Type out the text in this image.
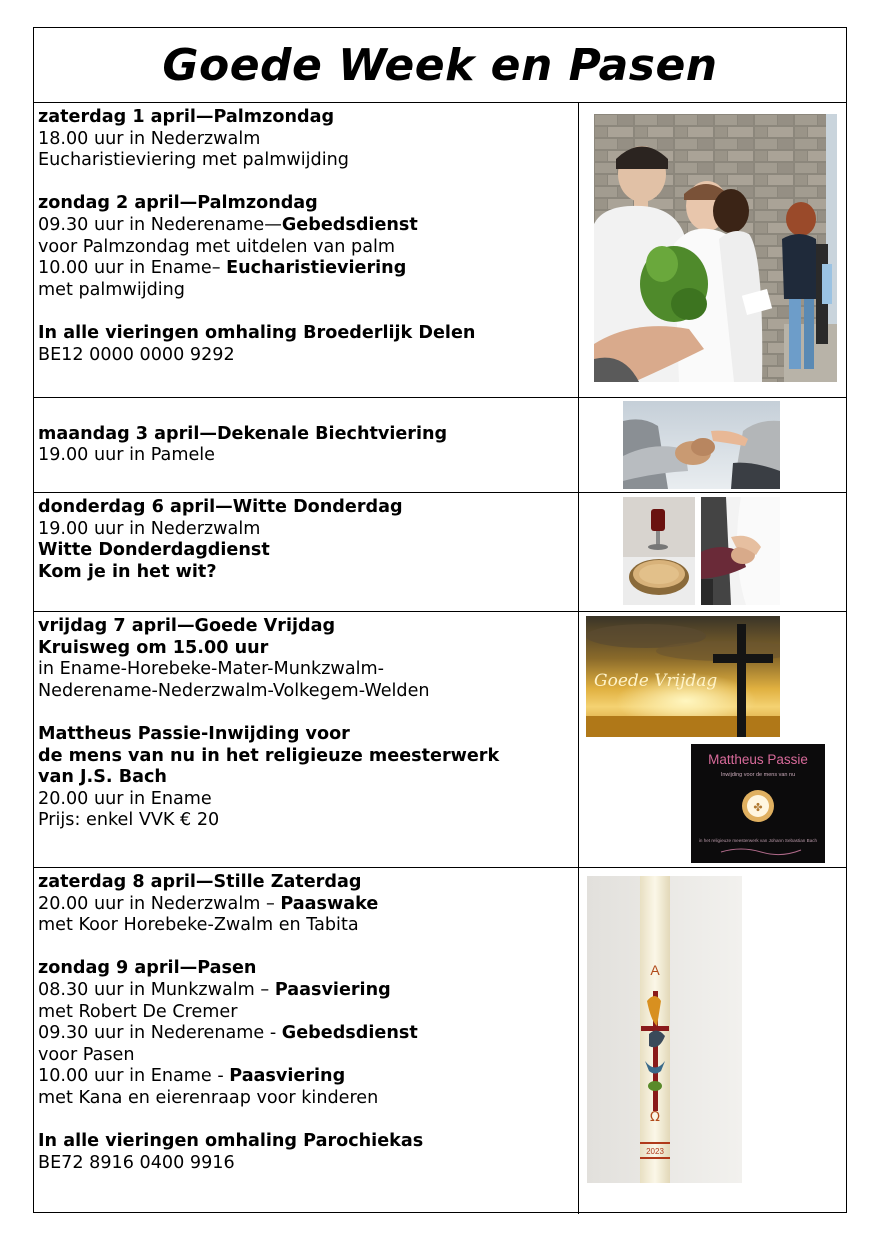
Goede Week en Pasen
zaterdag 1 april—Palmzondag
18.00 uur in Nederzwalm
Eucharistieviering met palmwijding
zondag 2 april—Palmzondag
09.30 uur in Nederename—Gebedsdienst
voor Palmzondag met uitdelen van palm
10.00 uur in Ename– Eucharistieviering
met palmwijding
In alle vieringen omhaling Broederlijk Delen
BE12 0000 0000 9292
maandag 3 april—Dekenale Biechtviering
19.00 uur in Pamele
donderdag 6 april—Witte Donderdag
19.00 uur in Nederzwalm
Witte Donderdagdienst
Kom je in het wit?
vrijdag 7 april—Goede Vrijdag
Kruisweg om 15.00 uur
in Ename-Horebeke-Mater-Munkzwalm-
Nederename-Nederzwalm-Volkegem-Welden
Mattheus Passie-Inwijding voor
de mens van nu in het religieuze meesterwerk
van J.S. Bach
20.00 uur in Ename
Prijs: enkel VVK € 20
Goede Vrijdag
Mattheus Passie
Inwijding voor de mens van nu
✤
in het religieuze meesterwerk van Johann Sebastian Bach
zaterdag 8 april—Stille Zaterdag
20.00 uur in Nederzwalm – Paaswake
met Koor Horebeke-Zwalm en Tabita
zondag 9 april—Pasen
08.30 uur in Munkzwalm – Paasviering
met Robert De Cremer
09.30 uur in Nederename - Gebedsdienst
voor Pasen
10.00 uur in Ename - Paasviering
met Kana en eierenraap voor kinderen
In alle vieringen omhaling Parochiekas
BE72 8916 0400 9916
A
Ω
2023
